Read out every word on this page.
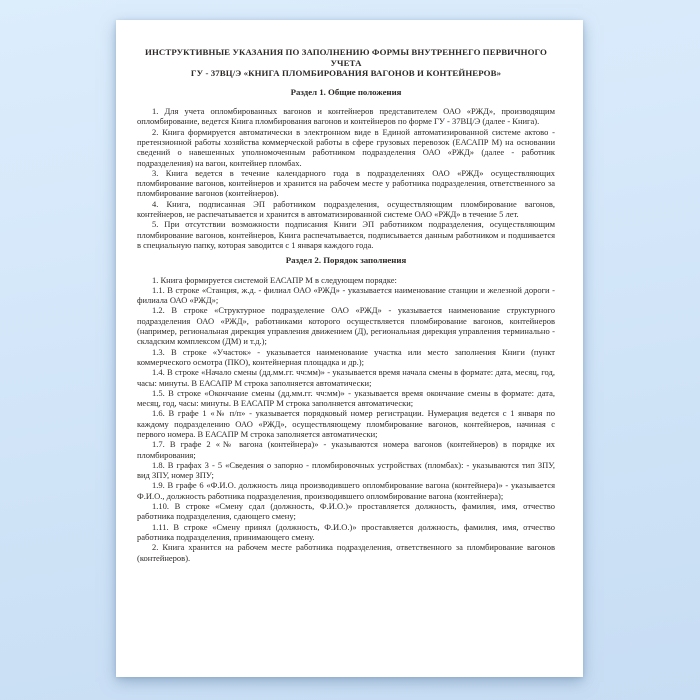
ИНСТРУКТИВНЫЕ УКАЗАНИЯ ПО ЗАПОЛНЕНИЮ ФОРМЫ ВНУТРЕННЕГО ПЕРВИЧНОГО УЧЕТА
ГУ - 37ВЦ/Э «КНИГА ПЛОМБИРОВАНИЯ ВАГОНОВ И КОНТЕЙНЕРОВ»
Раздел 1. Общие положения

1. Для учета опломбированных вагонов и контейнеров представителем ОАО «РЖД», производящим опломбирование, ведется Книга пломбирования вагонов и контейнеров по форме ГУ - 37ВЦ/Э (далее - Книга).

2. Книга формируется автоматически в электронном виде в Единой автоматизированной системе актово - претензионной работы хозяйства коммерческой работы в сфере грузовых перевозок (ЕАСАПР М) на основании сведений о навешенных уполномоченным работником подразделения ОАО «РЖД» (далее - работник подразделения) на вагон, контейнер пломбах.

3. Книга ведется в течение календарного года в подразделениях ОАО «РЖД» осуществляющих пломбирование вагонов, контейнеров и хранится на рабочем месте у работника подразделения, ответственного за пломбирование вагонов (контейнеров).

4. Книга, подписанная ЭП работником подразделения, осуществляющим пломбирование вагонов, контейнеров, не распечатывается и хранится в автоматизированной системе ОАО «РЖД» в течение 5 лет.

5. При отсутствии возможности подписания Книги ЭП работником подразделения, осуществляющим пломбирование вагонов, контейнеров, Книга распечатывается, подписывается данным работником и подшивается в специальную папку, которая заводится с 1 января каждого года.

Раздел 2. Порядок заполнения

1. Книга формируется системой ЕАСАПР М в следующем порядке:

1.1. В строке «Станция, ж.д. - филиал ОАО «РЖД» - указывается наименование станции и железной дороги - филиала ОАО «РЖД»;

1.2. В строке «Структурное подразделение ОАО «РЖД» - указывается наименование структурного подразделения ОАО «РЖД», работниками которого осуществляется пломбирование вагонов, контейнеров (например, региональная дирекция управления движением (Д), региональная дирекция управления терминально - складским комплексом (ДМ) и т.д.);

1.3. В строке «Участок» - указывается наименование участка или место заполнения Книги (пункт коммерческого осмотра (ПКО), контейнерная площадка и др.);

1.4. В строке «Начало смены (дд.мм.гг. чч:мм)» - указывается время начала смены в формате: дата, месяц, год, часы: минуты. В ЕАСАПР М строка заполняется автоматически;

1.5. В строке «Окончание смены (дд.мм.гг. чч:мм)» - указывается время окончание смены в формате: дата, месяц, год, часы: минуты. В ЕАСАПР М строка заполняется автоматически;

1.6. В графе 1 «№ п/п» - указывается порядковый номер регистрации. Нумерация ведется с 1 января по каждому подразделению ОАО «РЖД», осуществляющему пломбирование вагонов, контейнеров, начиная с первого номера. В ЕАСАПР М строка заполняется автоматически;

1.7. В графе 2 «№ вагона (контейнера)» - указываются номера вагонов (контейнеров) в порядке их пломбирования;

1.8. В графах 3 - 5 «Сведения о запорно - пломбировочных устройствах (пломбах): - указываются тип ЗПУ, вид ЗПУ, номер ЗПУ;

1.9. В графе 6 «Ф.И.О. должность лица производившего опломбирование вагона (контейнера)» - указывается Ф.И.О., должность работника подразделения, производившего опломбирование вагона (контейнера);

1.10. В строке «Смену сдал (должность, Ф.И.О.)» проставляется должность, фамилия, имя, отчество работника подразделения, сдающего смену;

1.11. В строке «Смену принял (должность, Ф.И.О.)» проставляется должность, фамилия, имя, отчество работника подразделения, принимающего смену.

2. Книга хранится на рабочем месте работника подразделения, ответственного за пломбирование вагонов (контейнеров).
